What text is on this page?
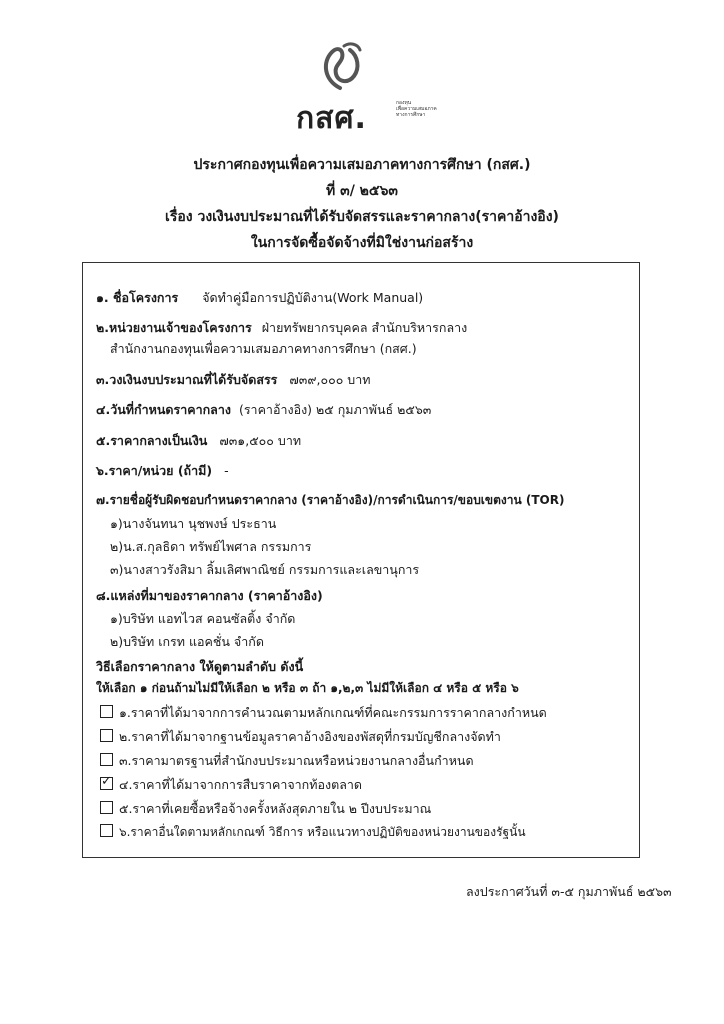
กสศ.	กองทุน
เพื่อความเสมอภาค
ทางการศึกษา
ประกาศกองทุนเพื่อความเสมอภาคทางการศึกษา (กสศ.)
ที่ ๓/ ๒๕๖๓
เรื่อง วงเงินงบประมาณที่ได้รับจัดสรรและราคากลาง(ราคาอ้างอิง)
ในการจัดซื้อจัดจ้างที่มิใช่งานก่อสร้าง
๑. ชื่อโครงการ จัดทำคู่มือการปฏิบัติงาน(Work Manual)
๒.หน่วยงานเจ้าของโครงการ ฝ่ายทรัพยากรบุคคล สำนักบริหารกลาง
สำนักงานกองทุนเพื่อความเสมอภาคทางการศึกษา (กสศ.)
๓.วงเงินงบประมาณที่ได้รับจัดสรร ๗๓๙,๐๐๐ บาท
๔.วันที่กำหนดราคากลาง (ราคาอ้างอิง) ๒๕ กุมภาพันธ์ ๒๕๖๓
๕.ราคากลางเป็นเงิน ๗๓๑,๕๐๐ บาท
๖.ราคา/หน่วย (ถ้ามี) -
๗.รายชื่อผู้รับผิดชอบกำหนดราคากลาง (ราคาอ้างอิง)/การดำเนินการ/ขอบเขตงาน (TOR)
๑)นางจันทนา นุชพงษ์ ประธาน
๒)น.ส.กุลธิดา ทรัพย์ไพศาล กรรมการ
๓)นางสาวรังสิมา ลิ้มเลิศพาณิชย์ กรรมการและเลขานุการ
๘.แหล่งที่มาของราคากลาง (ราคาอ้างอิง)
๑)บริษัท แอทไวส คอนซัลติ้ง จำกัด
๒)บริษัท เกรท แอคชั่น จำกัด
วิธีเลือกราคากลาง ให้ดูตามลำดับ ดังนี้
ให้เลือก ๑ ก่อนถ้ามไม่มีให้เลือก ๒ หรือ ๓ ถ้า ๑,๒,๓ ไม่มีให้เลือก ๔ หรือ ๕ หรือ ๖
๑.ราคาที่ได้มาจากการคำนวณตามหลักเกณฑ์ที่คณะกรรมการราคากลางกำหนด
๒.ราคาที่ได้มาจากฐานข้อมูลราคาอ้างอิงของพัสดุที่กรมบัญชีกลางจัดทำ
๓.ราคามาตรฐานที่สำนักงบประมาณหรือหน่วยงานกลางอื่นกำหนด
✓๔.ราคาที่ได้มาจากการสืบราคาจากท้องตลาด
๕.ราคาที่เคยซื้อหรือจ้างครั้งหลังสุดภายใน ๒ ปีงบประมาณ
๖.ราคาอื่นใดตามหลักเกณฑ์ วิธีการ หรือแนวทางปฏิบัติของหน่วยงานของรัฐนั้น
ลงประกาศวันที่ ๓-๕ กุมภาพันธ์ ๒๕๖๓
